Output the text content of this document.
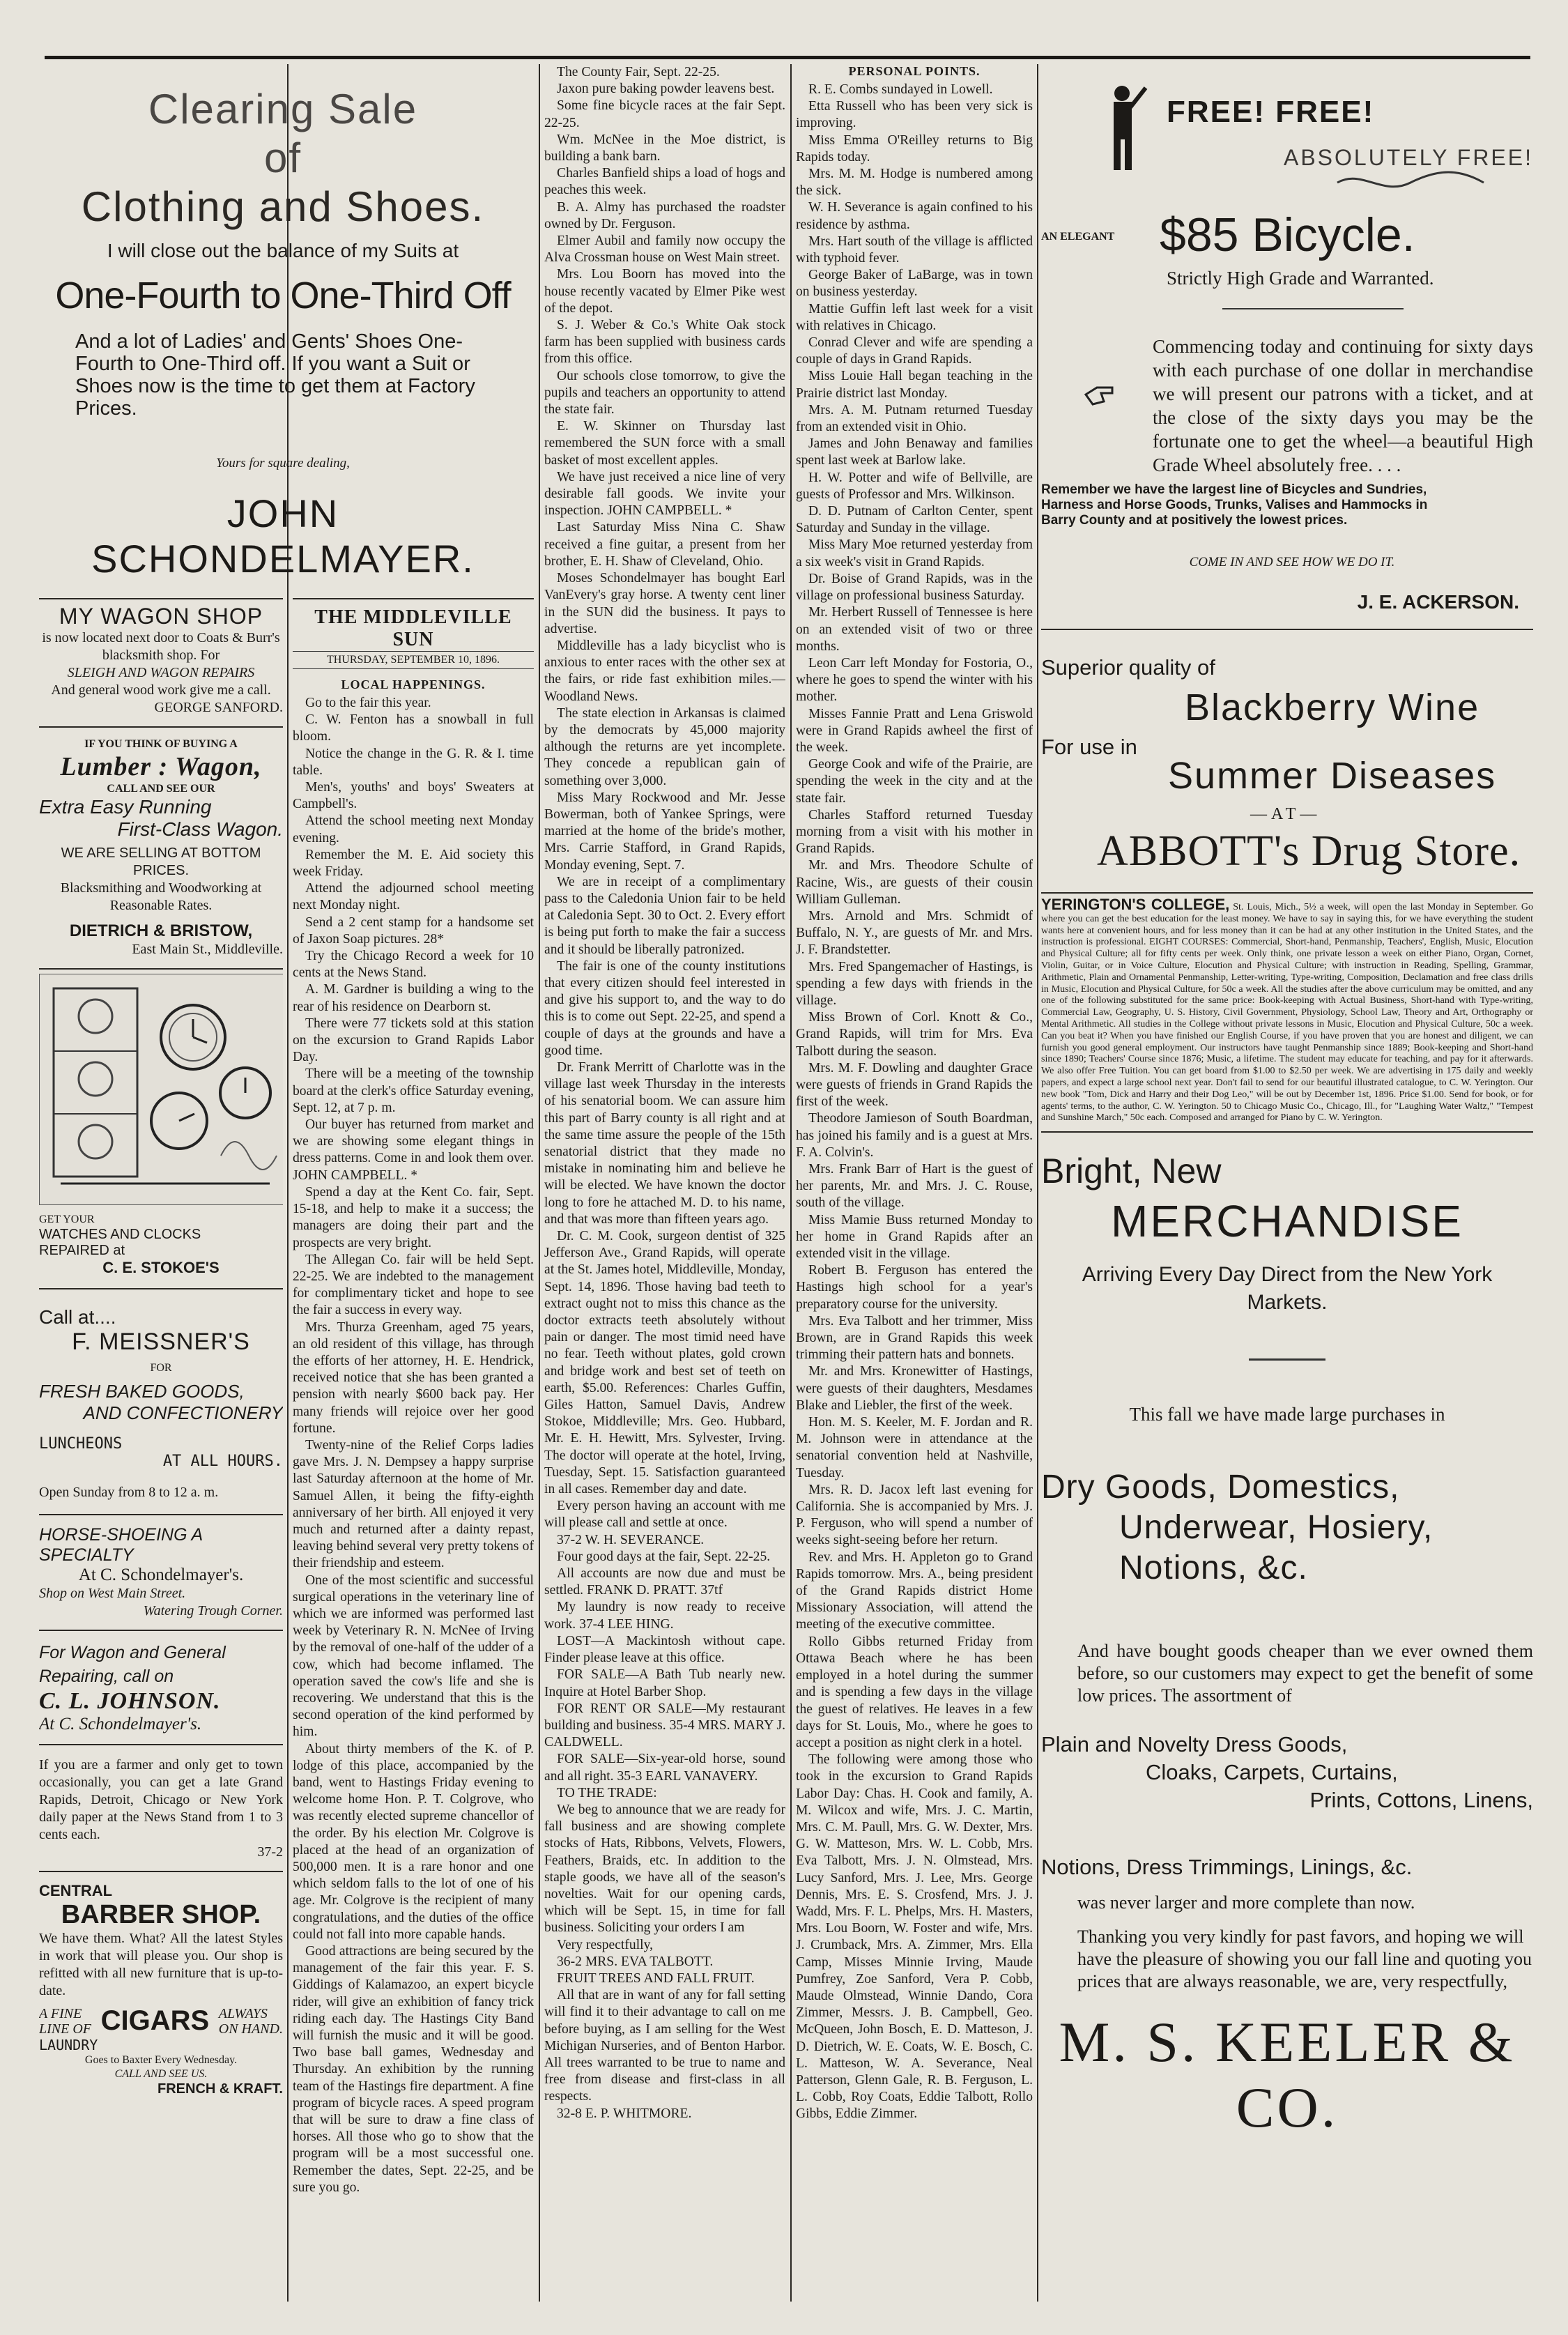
Clearing Sale
of
Clothing and Shoes.
I will close out the balance of my Suits at
One-Fourth to One-Third Off
And a lot of Ladies' and Gents' Shoes One-Fourth to One-Third off. If you want a Suit or Shoes now is the time to get them at Factory Prices.
Yours for square dealing,
JOHN SCHONDELMAYER.
MY WAGON SHOP
is now located next door to Coats & Burr's blacksmith shop. For
SLEIGH AND WAGON REPAIRS
And general wood work give me a call.
GEORGE SANFORD.
IF YOU THINK OF BUYING A
Lumber : Wagon,
CALL AND SEE OUR
Extra Easy Running
First-Class Wagon.
WE ARE SELLING AT BOTTOM PRICES.
Blacksmithing and Woodworking at Reasonable Rates.
DIETRICH & BRISTOW,
East Main St., Middleville.
GET YOUR
WATCHES AND CLOCKS
REPAIRED at
C. E. STOKOE'S
Call at....
F. MEISSNER'S
FOR
FRESH BAKED GOODS,
AND CONFECTIONERY
LUNCHEONS
AT ALL HOURS.
Open Sunday from 8 to 12 a. m.
HORSE-SHOEING A SPECIALTY
At C. Schondelmayer's.
Shop on West Main Street.
Watering Trough Corner.
For Wagon and General Repairing, call on
C. L. JOHNSON.
At C. Schondelmayer's.
If you are a farmer and only get to town occasionally, you can get a late Grand Rapids, Detroit, Chicago or New York daily paper at the News Stand from 1 to 3 cents each.
37-2
CENTRAL
BARBER SHOP.
We have them. What? All the latest Styles in work that will please you. Our shop is refitted with all new furniture that is up-to-date.
A FINE
LINE OF CIGARS ALWAYS
ON HAND.
LAUNDRY
Goes to Baxter Every Wednesday.
CALL AND SEE US.
FRENCH & KRAFT.
THE MIDDLEVILLE SUN
THURSDAY, SEPTEMBER 10, 1896.
LOCAL HAPPENINGS.

Go to the fair this year.

C. W. Fenton has a snowball in full bloom.

Notice the change in the G. R. & I. time table.

Men's, youths' and boys' Sweaters at Campbell's.

Attend the school meeting next Monday evening.

Remember the M. E. Aid society this week Friday.

Attend the adjourned school meeting next Monday night.

Send a 2 cent stamp for a handsome set of Jaxon Soap pictures. 28*

Try the Chicago Record a week for 10 cents at the News Stand.

A. M. Gardner is building a wing to the rear of his residence on Dearborn st.

There were 77 tickets sold at this station on the excursion to Grand Rapids Labor Day.

There will be a meeting of the township board at the clerk's office Saturday evening, Sept. 12, at 7 p. m.

Our buyer has returned from market and we are showing some elegant things in dress patterns. Come in and look them over. JOHN CAMPBELL. *

Spend a day at the Kent Co. fair, Sept. 15-18, and help to make it a success; the managers are doing their part and the prospects are very bright.

The Allegan Co. fair will be held Sept. 22-25. We are indebted to the management for complimentary ticket and hope to see the fair a success in every way.

Mrs. Thurza Greenham, aged 75 years, an old resident of this village, has through the efforts of her attorney, H. E. Hendrick, received notice that she has been granted a pension with nearly $600 back pay. Her many friends will rejoice over her good fortune.

Twenty-nine of the Relief Corps ladies gave Mrs. J. N. Dempsey a happy surprise last Saturday afternoon at the home of Mr. Samuel Allen, it being the fifty-eighth anniversary of her birth. All enjoyed it very much and returned after a dainty repast, leaving behind several very pretty tokens of their friendship and esteem.

One of the most scientific and successful surgical operations in the veterinary line of which we are informed was performed last week by Veterinary R. N. McNee of Irving by the removal of one-half of the udder of a cow, which had become inflamed. The operation saved the cow's life and she is recovering. We understand that this is the second operation of the kind performed by him.

About thirty members of the K. of P. lodge of this place, accompanied by the band, went to Hastings Friday evening to welcome home Hon. P. T. Colgrove, who was recently elected supreme chancellor of the order. By his election Mr. Colgrove is placed at the head of an organization of 500,000 men. It is a rare honor and one which seldom falls to the lot of one of his age. Mr. Colgrove is the recipient of many congratulations, and the duties of the office could not fall into more capable hands.

Good attractions are being secured by the management of the fair this year. F. S. Giddings of Kalamazoo, an expert bicycle rider, will give an exhibition of fancy trick riding each day. The Hastings City Band will furnish the music and it will be good. Two base ball games, Wednesday and Thursday. An exhibition by the running team of the Hastings fire department. A fine program of bicycle races. A speed program that will be sure to draw a fine class of horses. All those who go to show that the program will be a most successful one. Remember the dates, Sept. 22-25, and be sure you go.

The County Fair, Sept. 22-25.

Jaxon pure baking powder leavens best.

Some fine bicycle races at the fair Sept. 22-25.

Wm. McNee in the Moe district, is building a bank barn.

Charles Banfield ships a load of hogs and peaches this week.

B. A. Almy has purchased the roadster owned by Dr. Ferguson.

Elmer Aubil and family now occupy the Alva Crossman house on West Main street.

Mrs. Lou Boorn has moved into the house recently vacated by Elmer Pike west of the depot.

S. J. Weber & Co.'s White Oak stock farm has been supplied with business cards from this office.

Our schools close tomorrow, to give the pupils and teachers an opportunity to attend the state fair.

E. W. Skinner on Thursday last remembered the SUN force with a small basket of most excellent apples.

We have just received a nice line of very desirable fall goods. We invite your inspection. JOHN CAMPBELL. *

Last Saturday Miss Nina C. Shaw received a fine guitar, a present from her brother, E. H. Shaw of Cleveland, Ohio.

Moses Schondelmayer has bought Earl VanEvery's gray horse. A twenty cent liner in the SUN did the business. It pays to advertise.

Middleville has a lady bicyclist who is anxious to enter races with the other sex at the fairs, or ride fast exhibition miles.—Woodland News.

The state election in Arkansas is claimed by the democrats by 45,000 majority although the returns are yet incomplete. They concede a republican gain of something over 3,000.

Miss Mary Rockwood and Mr. Jesse Bowerman, both of Yankee Springs, were married at the home of the bride's mother, Mrs. Carrie Stafford, in Grand Rapids, Monday evening, Sept. 7.

We are in receipt of a complimentary pass to the Caledonia Union fair to be held at Caledonia Sept. 30 to Oct. 2. Every effort is being put forth to make the fair a success and it should be liberally patronized.

The fair is one of the county institutions that every citizen should feel interested in and give his support to, and the way to do this is to come out Sept. 22-25, and spend a couple of days at the grounds and have a good time.

Dr. Frank Merritt of Charlotte was in the village last week Thursday in the interests of his senatorial boom. We can assure him this part of Barry county is all right and at the same time assure the people of the 15th senatorial district that they made no mistake in nominating him and believe he will be elected. We have known the doctor long to fore he attached M. D. to his name, and that was more than fifteen years ago.

Dr. C. M. Cook, surgeon dentist of 325 Jefferson Ave., Grand Rapids, will operate at the St. James hotel, Middleville, Monday, Sept. 14, 1896. Those having bad teeth to extract ought not to miss this chance as the doctor extracts teeth absolutely without pain or danger. The most timid need have no fear. Teeth without plates, gold crown and bridge work and best set of teeth on earth, $5.00. References: Charles Guffin, Giles Hatton, Samuel Davis, Andrew Stokoe, Middleville; Mrs. Geo. Hubbard, Mr. E. H. Hewitt, Mrs. Sylvester, Irving. The doctor will operate at the hotel, Irving, Tuesday, Sept. 15. Satisfaction guaranteed in all cases. Remember day and date.

Every person having an account with me will please call and settle at once.

37-2 W. H. SEVERANCE.

Four good days at the fair, Sept. 22-25.

All accounts are now due and must be settled. FRANK D. PRATT. 37tf

My laundry is now ready to receive work. 37-4 LEE HING.

LOST—A Mackintosh without cape. Finder please leave at this office.

FOR SALE—A Bath Tub nearly new. Inquire at Hotel Barber Shop.

FOR RENT OR SALE—My restaurant building and business. 35-4 MRS. MARY J. CALDWELL.

FOR SALE—Six-year-old horse, sound and all right. 35-3 EARL VANAVERY.

TO THE TRADE:

We beg to announce that we are ready for fall business and are showing complete stocks of Hats, Ribbons, Velvets, Flowers, Feathers, Braids, etc. In addition to the staple goods, we have all of the season's novelties. Wait for our opening cards, which will be Sept. 15, in time for fall business. Soliciting your orders I am

Very respectfully,

36-2 MRS. EVA TALBOTT.

FRUIT TREES AND FALL FRUIT.

All that are in want of any for fall setting will find it to their advantage to call on me before buying, as I am selling for the West Michigan Nurseries, and of Benton Harbor. All trees warranted to be true to name and free from disease and first-class in all respects.

32-8 E. P. WHITMORE.

PERSONAL POINTS.

R. E. Combs sundayed in Lowell.

Etta Russell who has been very sick is improving.

Miss Emma O'Reilley returns to Big Rapids today.

Mrs. M. M. Hodge is numbered among the sick.

W. H. Severance is again confined to his residence by asthma.

Mrs. Hart south of the village is afflicted with typhoid fever.

George Baker of LaBarge, was in town on business yesterday.

Mattie Guffin left last week for a visit with relatives in Chicago.

Conrad Clever and wife are spending a couple of days in Grand Rapids.

Miss Louie Hall began teaching in the Prairie district last Monday.

Mrs. A. M. Putnam returned Tuesday from an extended visit in Ohio.

James and John Benaway and families spent last week at Barlow lake.

H. W. Potter and wife of Bellville, are guests of Professor and Mrs. Wilkinson.

D. D. Putnam of Carlton Center, spent Saturday and Sunday in the village.

Miss Mary Moe returned yesterday from a six week's visit in Grand Rapids.

Dr. Boise of Grand Rapids, was in the village on professional business Saturday.

Mr. Herbert Russell of Tennessee is here on an extended visit of two or three months.

Leon Carr left Monday for Fostoria, O., where he goes to spend the winter with his mother.

Misses Fannie Pratt and Lena Griswold were in Grand Rapids awheel the first of the week.

George Cook and wife of the Prairie, are spending the week in the city and at the state fair.

Charles Stafford returned Tuesday morning from a visit with his mother in Grand Rapids.

Mr. and Mrs. Theodore Schulte of Racine, Wis., are guests of their cousin William Gulleman.

Mrs. Arnold and Mrs. Schmidt of Buffalo, N. Y., are guests of Mr. and Mrs. J. F. Brandstetter.

Mrs. Fred Spangemacher of Hastings, is spending a few days with friends in the village.

Miss Brown of Corl. Knott & Co., Grand Rapids, will trim for Mrs. Eva Talbott during the season.

Mrs. M. F. Dowling and daughter Grace were guests of friends in Grand Rapids the first of the week.

Theodore Jamieson of South Boardman, has joined his family and is a guest at Mrs. F. A. Colvin's.

Mrs. Frank Barr of Hart is the guest of her parents, Mr. and Mrs. J. C. Rouse, south of the village.

Miss Mamie Buss returned Monday to her home in Grand Rapids after an extended visit in the village.

Robert B. Ferguson has entered the Hastings high school for a year's preparatory course for the university.

Mrs. Eva Talbott and her trimmer, Miss Brown, are in Grand Rapids this week trimming their pattern hats and bonnets.

Mr. and Mrs. Kronewitter of Hastings, were guests of their daughters, Mesdames Blake and Liebler, the first of the week.

Hon. M. S. Keeler, M. F. Jordan and R. M. Johnson were in attendance at the senatorial convention held at Nashville, Tuesday.

Mrs. R. D. Jacox left last evening for California. She is accompanied by Mrs. J. P. Ferguson, who will spend a number of weeks sight-seeing before her return.

Rev. and Mrs. H. Appleton go to Grand Rapids tomorrow. Mrs. A., being president of the Grand Rapids district Home Missionary Association, will attend the meeting of the executive committee.

Rollo Gibbs returned Friday from Ottawa Beach where he has been employed in a hotel during the summer and is spending a few days in the village the guest of relatives. He leaves in a few days for St. Louis, Mo., where he goes to accept a position as night clerk in a hotel.

The following were among those who took in the excursion to Grand Rapids Labor Day: Chas. H. Cook and family, A. M. Wilcox and wife, Mrs. J. C. Martin, Mrs. C. M. Paull, Mrs. G. W. Dexter, Mrs. G. W. Matteson, Mrs. W. L. Cobb, Mrs. Eva Talbott, Mrs. J. N. Olmstead, Mrs. Lucy Sanford, Mrs. J. Lee, Mrs. George Dennis, Mrs. E. S. Crosfend, Mrs. J. J. Wadd, Mrs. F. L. Phelps, Mrs. H. Masters, Mrs. Lou Boorn, W. Foster and wife, Mrs. J. Crumback, Mrs. A. Zimmer, Mrs. Ella Camp, Misses Minnie Irving, Maude Pumfrey, Zoe Sanford, Vera P. Cobb, Maude Olmstead, Winnie Dando, Cora Zimmer, Messrs. J. B. Campbell, Geo. McQueen, John Bosch, E. D. Matteson, J. D. Dietrich, W. E. Coats, W. E. Bosch, C. L. Matteson, W. A. Severance, Neal Patterson, Glenn Gale, R. B. Ferguson, L. L. Cobb, Roy Coats, Eddie Talbott, Rollo Gibbs, Eddie Zimmer.

FREE! FREE!
ABSOLUTELY FREE!
AN ELEGANT $85 Bicycle.
Strictly High Grade and Warranted.
Commencing today and continuing for sixty days with each purchase of one dollar in merchandise we will present our patrons with a ticket, and at the close of the sixty days you may be the fortunate one to get the wheel—a beautiful High Grade Wheel absolutely free. . . .
Remember we have the largest line of Bicycles and Sundries, Harness and Horse Goods, Trunks, Valises and Hammocks in Barry County and at positively the lowest prices.
COME IN AND SEE HOW WE DO IT.
J. E. ACKERSON.
Superior quality of
Blackberry Wine
For use in
Summer Diseases
—AT—
ABBOTT's Drug Store.
YERINGTON'S COLLEGE, St. Louis, Mich., 5½ a week, will open the last Monday in September. Go where you can get the best education for the least money. We have to say in saying this, for we have everything the student wants here at convenient hours, and for less money than it can be had at any other institution in the United States, and the instruction is professional. EIGHT COURSES: Commercial, Short-hand, Penmanship, Teachers', English, Music, Elocution and Physical Culture; all for fifty cents per week. Only think, one private lesson a week on either Piano, Organ, Cornet, Violin, Guitar, or in Voice Culture, Elocution and Physical Culture; with instruction in Reading, Spelling, Grammar, Arithmetic, Plain and Ornamental Penmanship, Letter-writing, Type-writing, Composition, Declamation and free class drills in Music, Elocution and Physical Culture, for 50c a week. All the studies after the above curriculum may be omitted, and any one of the following substituted for the same price: Book-keeping with Actual Business, Short-hand with Type-writing, Commercial Law, Geography, U. S. History, Civil Government, Physiology, School Law, Theory and Art, Orthography or Mental Arithmetic. All studies in the College without private lessons in Music, Elocution and Physical Culture, 50c a week. Can you beat it? When you have finished our English Course, if you have proven that you are honest and diligent, we can furnish you good general employment. Our instructors have taught Penmanship since 1889; Book-keeping and Short-hand since 1890; Teachers' Course since 1876; Music, a lifetime. The student may educate for teaching, and pay for it afterwards. We also offer Free Tuition. You can get board from $1.00 to $2.50 per week. We are advertising in 175 daily and weekly papers, and expect a large school next year. Don't fail to send for our beautiful illustrated catalogue, to C. W. Yerington. Our new book "Tom, Dick and Harry and their Dog Leo," will be out by December 1st, 1896. Price $1.00. Send for book, or for agents' terms, to the author, C. W. Yerington. 50 to Chicago Music Co., Chicago, Ill., for "Laughing Water Waltz," "Tempest and Sunshine March," 50c each. Composed and arranged for Piano by C. W. Yerington.
Bright, New
MERCHANDISE
Arriving Every Day Direct from the New York Markets.
This fall we have made large purchases in
Dry Goods, Domestics,
Underwear, Hosiery,
Notions, &c.
And have bought goods cheaper than we ever owned them before, so our customers may expect to get the benefit of some low prices. The assortment of
Plain and Novelty Dress Goods,
Cloaks, Carpets, Curtains,
Prints, Cottons, Linens,
Notions, Dress Trimmings, Linings, &c.
was never larger and more complete than now.
Thanking you very kindly for past favors, and hoping we will have the pleasure of showing you our fall line and quoting you prices that are always reasonable, we are, very respectfully,
M. S. KEELER & CO.
